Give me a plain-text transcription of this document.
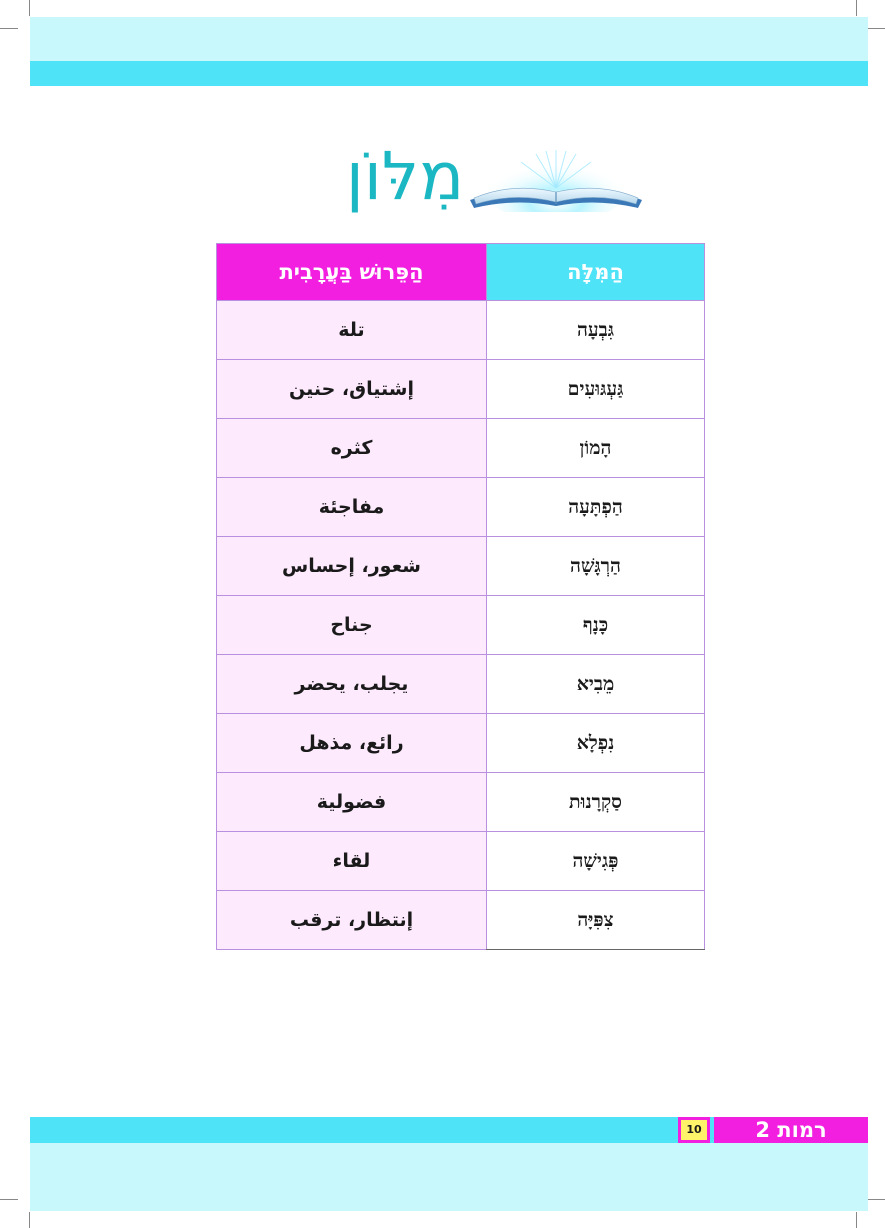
מִלּוֹן
הַמִּלָּה	הַפֵּרוּשׁ בַּעֲרָבִית
גִּבְעָה	تلة
גַּעְגּוּעִים	إشتياق، حنين
הָמוֹן	كثره
הַפְתָּעָה	مفاجئة
הַרְגָּשָׁה	شعور، إحساس
כָּנָף	جناح
מֵבִיא	يجلب، يحضر
נִפְלָא	رائع، مذهل
סַקְרָנוּת	فضولية
פְּגִישָׁה	لقاء
צִפִּיָּה	إنتظار، ترقب
10	רמות 2
